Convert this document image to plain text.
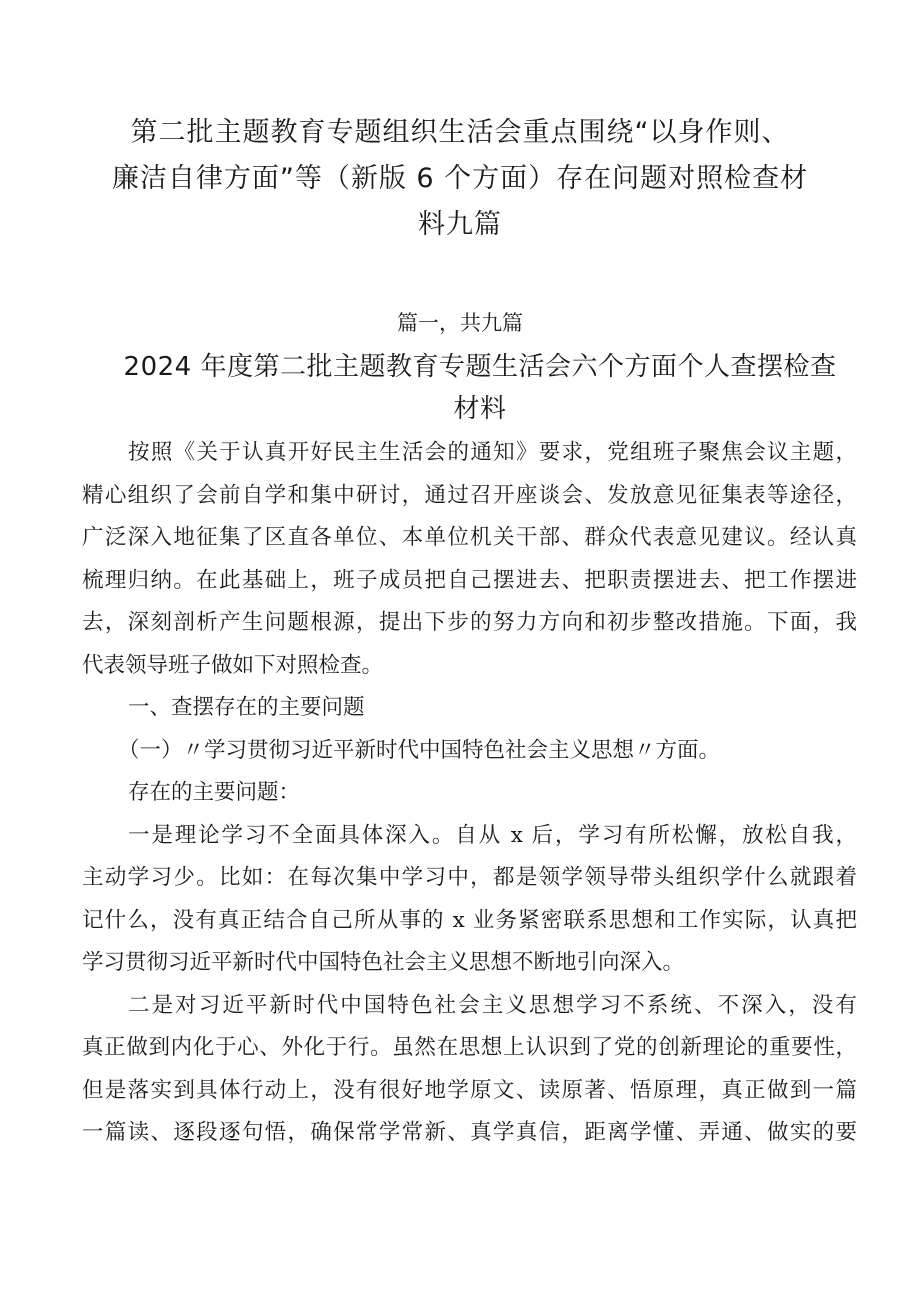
第二批主题教育专题组织生活会重点围绕“以身作则、
廉洁自律方面”等（新版 6 个方面）存在问题对照检查材
料九篇
篇一，共九篇
2024 年度第二批主题教育专题生活会六个方面个人查摆检查
材料
按照《关于认真开好民主生活会的通知》要求，党组班子聚焦会议主题，
精心组织了会前自学和集中研讨，通过召开座谈会、发放意见征集表等途径，
广泛深入地征集了区直各单位、本单位机关干部、群众代表意见建议。经认真
梳理归纳。在此基础上，班子成员把自己摆进去、把职责摆进去、把工作摆进
去，深刻剖析产生问题根源，提出下步的努力方向和初步整改措施。下面，我
代表领导班子做如下对照检查。
一、查摆存在的主要问题
（一）〃学习贯彻习近平新时代中国特色社会主义思想〃方面。
存在的主要问题：
一是理论学习不全面具体深入。自从 x 后，学习有所松懈，放松自我，
主动学习少。比如：在每次集中学习中，都是领学领导带头组织学什么就跟着
记什么，没有真正结合自己所从事的 x 业务紧密联系思想和工作实际，认真把
学习贯彻习近平新时代中国特色社会主义思想不断地引向深入。
二是对习近平新时代中国特色社会主义思想学习不系统、不深入，没有
真正做到内化于心、外化于行。虽然在思想上认识到了党的创新理论的重要性，
但是落实到具体行动上，没有很好地学原文、读原著、悟原理，真正做到一篇
一篇读、逐段逐句悟，确保常学常新、真学真信，距离学懂、弄通、做实的要
